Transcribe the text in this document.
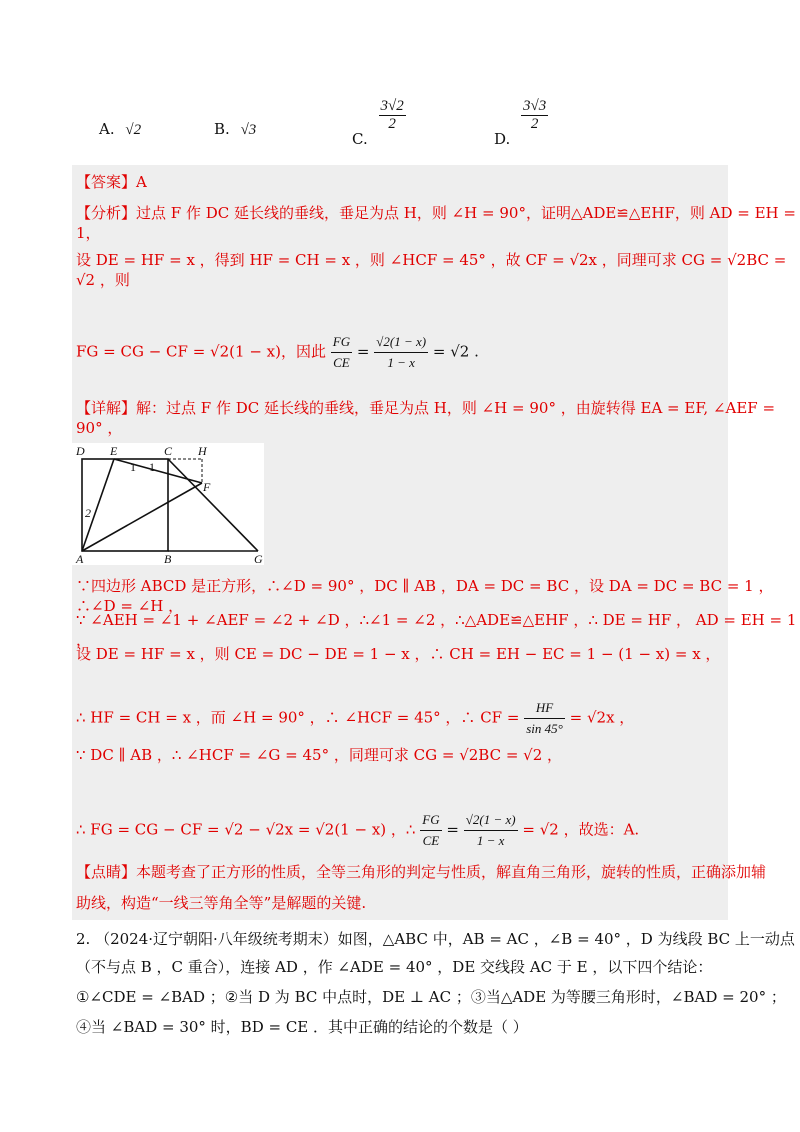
A. √2	B. √3	C.
$\frac{3√2}{2}$
D.
$\frac{3√3}{2}$
【答案】A
【分析】过点 F 作 DC 延长线的垂线，垂足为点 H，则 ∠H = 90°，证明△ADE≌△EHF，则 AD = EH = 1，
设 DE = HF = x ，得到 HF = CH = x ，则 ∠HCF = 45° ，故 CF = √2x ，同理可求 CG = √2BC = √2 ，则
FG = CG − CF = √2(1 − x)，因此 $\frac{FG}{CE} = \frac{√2(1 - x)}{1 - x} = √2$ .
【详解】解：过点 F 作 DC 延长线的垂线，垂足为点 H，则 ∠H = 90° ，由旋转得 EA = EF, ∠AEF = 90° ，
D E	C H
F
A	B	G
2
1 1
∵四边形 ABCD 是正方形，∴∠D = 90° ，DC ∥ AB ，DA = DC = BC ，设 DA = DC = BC = 1 ，∴∠D = ∠H ，
∵ ∠AEH = ∠1 + ∠AEF = ∠2 + ∠D ，∴∠1 = ∠2 ，∴△ADE≌△EHF ，∴ DE = HF ， AD = EH = 1 ，
设 DE = HF = x ，则 CE = DC − DE = 1 − x ，∴ CH = EH − EC = 1 − (1 − x) = x ，
∴ HF = CH = x ，而 ∠H = 90° ，∴ ∠HCF = 45° ，∴ CF = $\frac{HF}{\sin 45^\circ} = √2x$ ，
∵ DC ∥ AB ，∴ ∠HCF = ∠G = 45° ，同理可求 CG = √2BC = √2 ，
∴ FG = CG − CF = √2 − √2x = √2(1 − x) ，∴ $\frac{FG}{CE} = \frac{√2(1 - x)}{1 - x} = √2$ ，故选：A.
【点睛】本题考查了正方形的性质，全等三角形的判定与性质，解直角三角形，旋转的性质，正确添加辅
助线，构造“一线三等角全等”是解题的关键.
2. （2024·辽宁朝阳·八年级统考期末）如图，△ABC 中，AB = AC ，∠B = 40° ，D 为线段 BC 上一动点
（不与点 B ，C 重合），连接 AD ，作 ∠ADE = 40° ，DE 交线段 AC 于 E ，以下四个结论：
①∠CDE = ∠BAD ；②当 D 为 BC 中点时，DE ⊥ AC ；③当△ADE 为等腰三角形时，∠BAD = 20° ；
④当 ∠BAD = 30° 时，BD = CE ．其中正确的结论的个数是（ ）
